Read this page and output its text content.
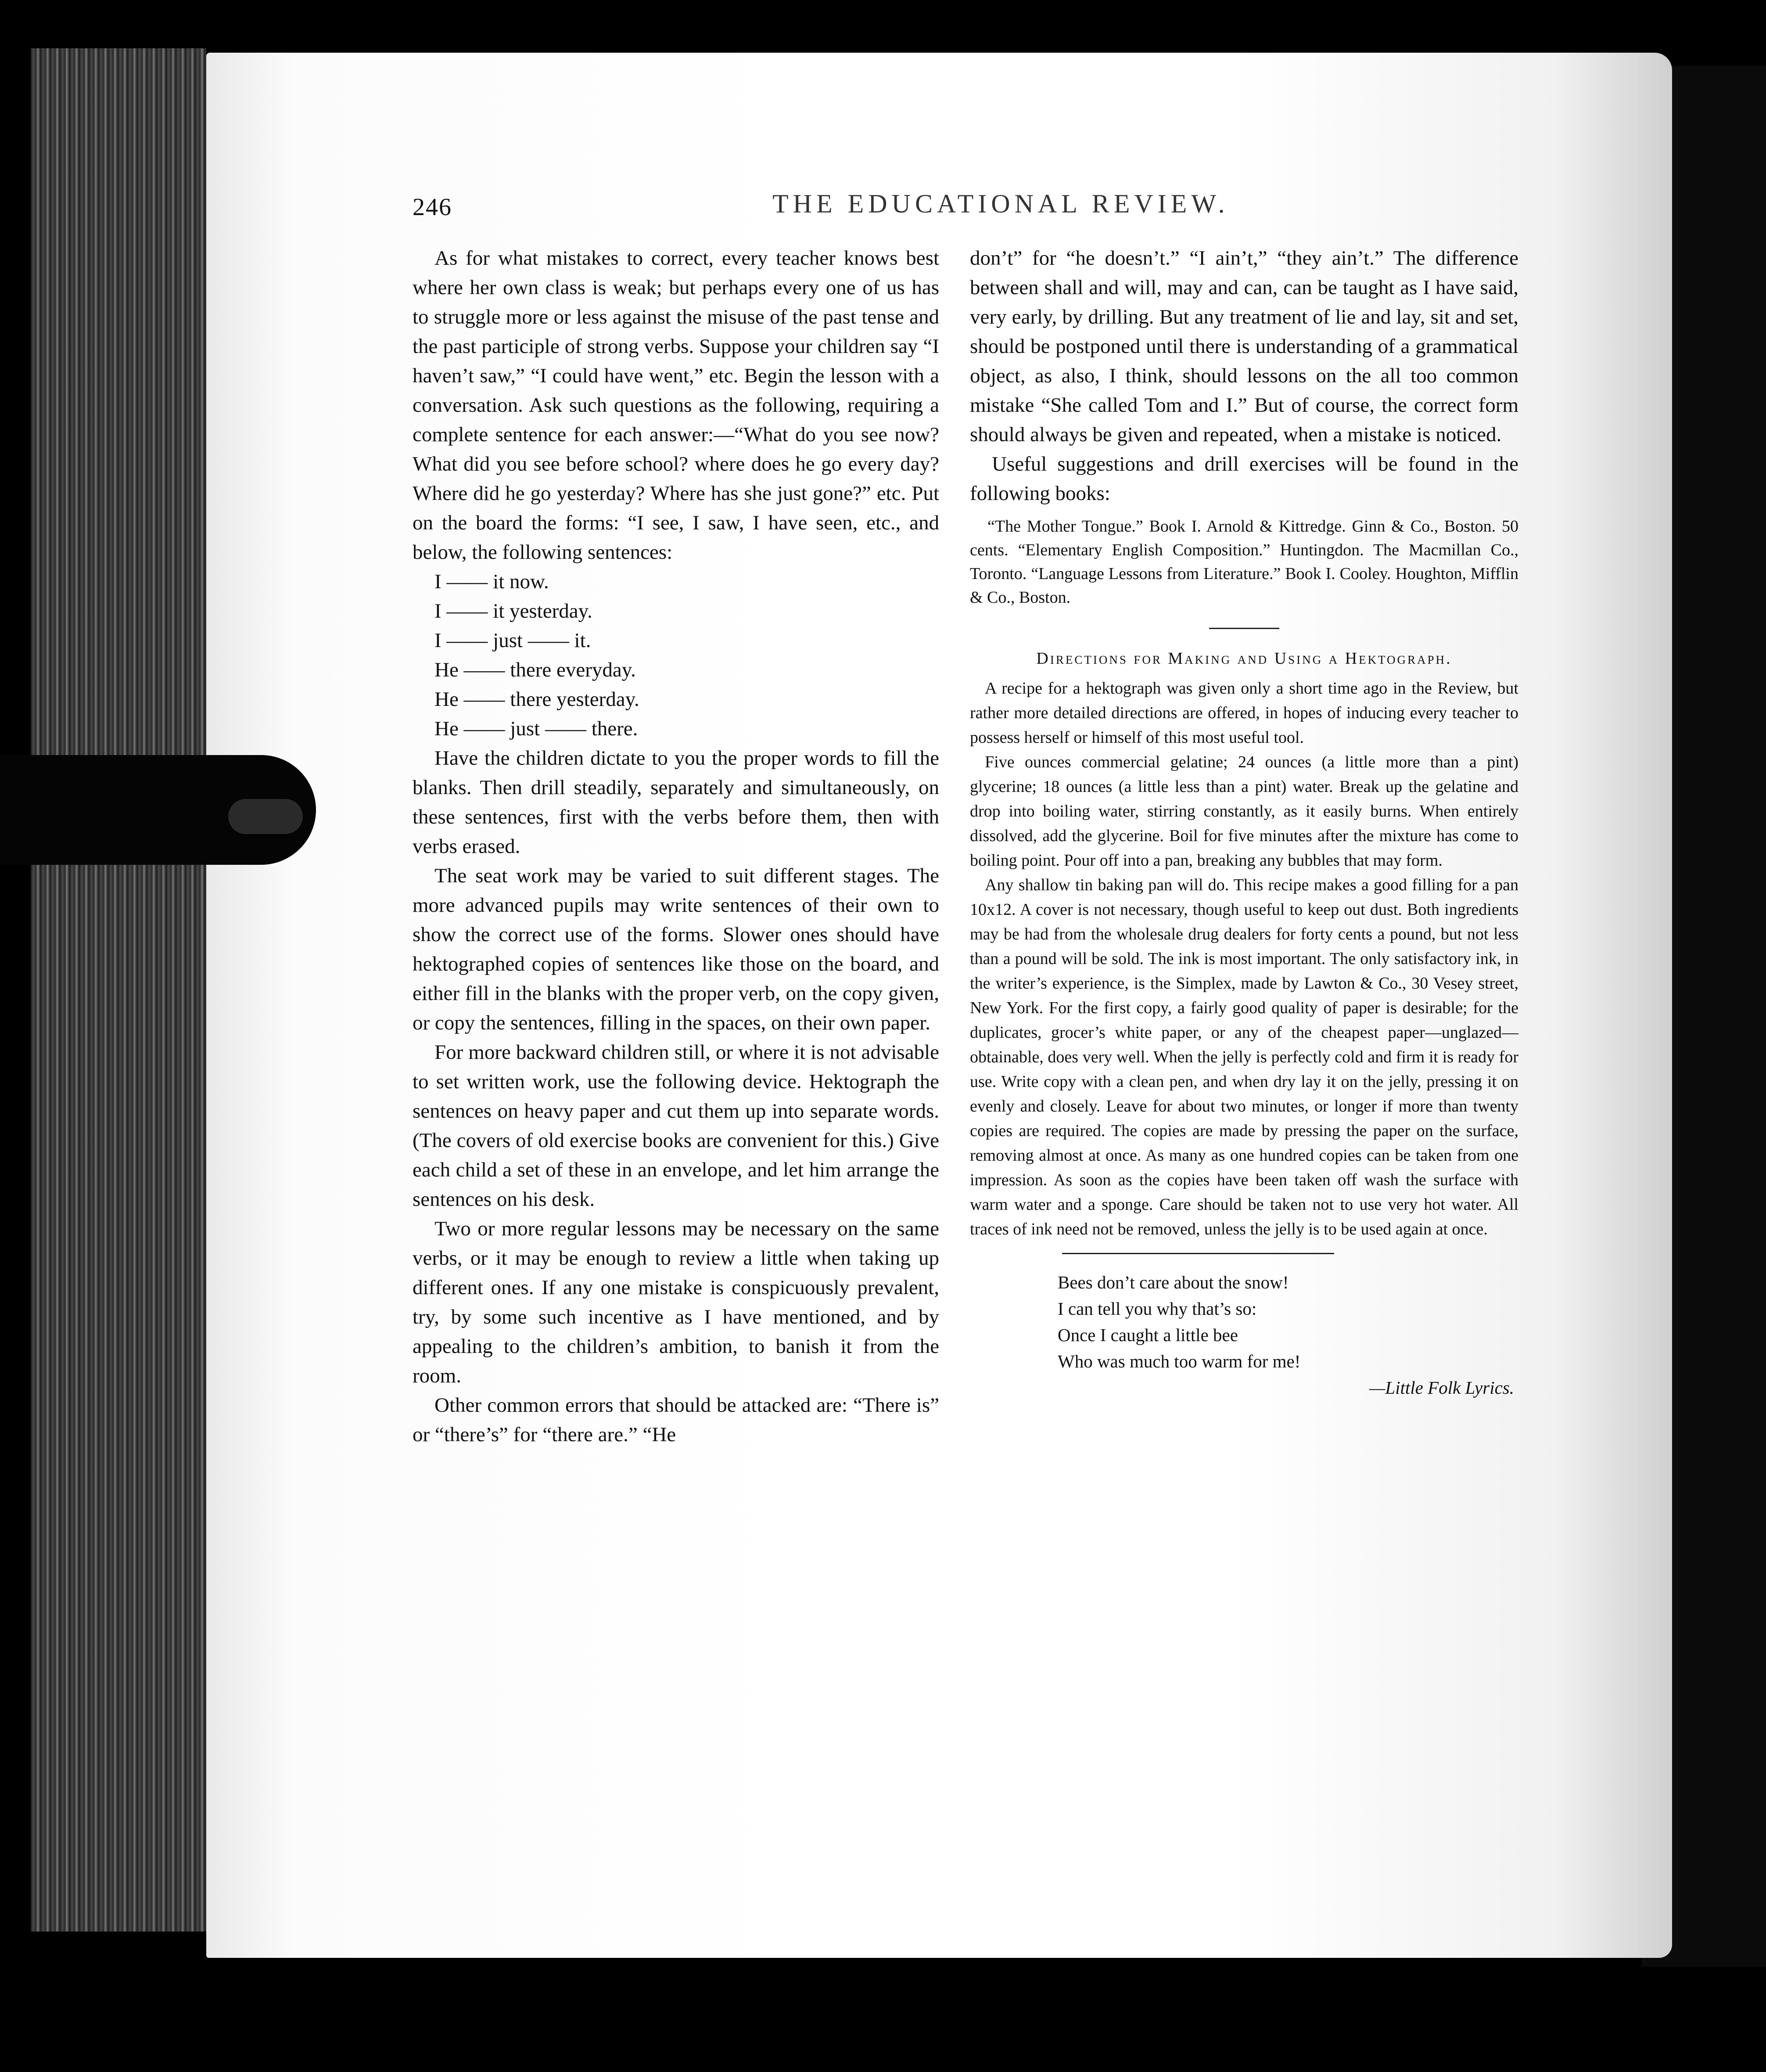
246	THE EDUCATIONAL REVIEW.

As for what mistakes to correct, every teacher knows best where her own class is weak; but perhaps every one of us has to struggle more or less against the misuse of the past tense and the past participle of strong verbs. Suppose your children say “I haven’t saw,” “I could have went,” etc. Begin the lesson with a conversation. Ask such questions as the following, requiring a complete sentence for each answer:—“What do you see now? What did you see before school? where does he go every day? Where did he go yesterday? Where has she just gone?” etc. Put on the board the forms: “I see, I saw, I have seen, etc., and below, the following sentences:

I —— it now.
I —— it yesterday.
I —— just —— it.
He —— there everyday.
He —— there yesterday.
He —— just —— there.

Have the children dictate to you the proper words to fill the blanks. Then drill steadily, separately and simultaneously, on these sentences, first with the verbs before them, then with verbs erased.

The seat work may be varied to suit different stages. The more advanced pupils may write sentences of their own to show the correct use of the forms. Slower ones should have hektographed copies of sentences like those on the board, and either fill in the blanks with the proper verb, on the copy given, or copy the sentences, filling in the spaces, on their own paper.

For more backward children still, or where it is not advisable to set written work, use the following device. Hektograph the sentences on heavy paper and cut them up into separate words. (The covers of old exercise books are convenient for this.) Give each child a set of these in an envelope, and let him arrange the sentences on his desk.

Two or more regular lessons may be necessary on the same verbs, or it may be enough to review a little when taking up different ones. If any one mistake is conspicuously prevalent, try, by some such incentive as I have mentioned, and by appealing to the children’s ambition, to banish it from the room.

Other common errors that should be attacked are: “There is” or “there’s” for “there are.” “He

don’t” for “he doesn’t.” “I ain’t,” “they ain’t.” The difference between shall and will, may and can, can be taught as I have said, very early, by drilling. But any treatment of lie and lay, sit and set, should be postponed until there is understanding of a grammatical object, as also, I think, should lessons on the all too common mistake “She called Tom and I.” But of course, the correct form should always be given and repeated, when a mistake is noticed.

Useful suggestions and drill exercises will be found in the following books:

“The Mother Tongue.” Book I. Arnold & Kittredge. Ginn & Co., Boston. 50 cents. “Elementary English Composition.” Huntingdon. The Macmillan Co., Toronto. “Language Lessons from Literature.” Book I. Cooley. Houghton, Mifflin & Co., Boston.

Directions for Making and Using a Hektograph.

A recipe for a hektograph was given only a short time ago in the Review, but rather more detailed directions are offered, in hopes of inducing every teacher to possess herself or himself of this most useful tool.

Five ounces commercial gelatine; 24 ounces (a little more than a pint) glycerine; 18 ounces (a little less than a pint) water. Break up the gelatine and drop into boiling water, stirring constantly, as it easily burns. When entirely dissolved, add the glycerine. Boil for five minutes after the mixture has come to boiling point. Pour off into a pan, breaking any bubbles that may form.

Any shallow tin baking pan will do. This recipe makes a good filling for a pan 10x12. A cover is not necessary, though useful to keep out dust. Both ingredients may be had from the wholesale drug dealers for forty cents a pound, but not less than a pound will be sold. The ink is most important. The only satisfactory ink, in the writer’s experience, is the Simplex, made by Lawton & Co., 30 Vesey street, New York. For the first copy, a fairly good quality of paper is desirable; for the duplicates, grocer’s white paper, or any of the cheapest paper—unglazed—obtainable, does very well. When the jelly is perfectly cold and firm it is ready for use. Write copy with a clean pen, and when dry lay it on the jelly, pressing it on evenly and closely. Leave for about two minutes, or longer if more than twenty copies are required. The copies are made by pressing the paper on the surface, removing almost at once. As many as one hundred copies can be taken from one impression. As soon as the copies have been taken off wash the surface with warm water and a sponge. Care should be taken not to use very hot water. All traces of ink need not be removed, unless the jelly is to be used again at once.

Bees don’t care about the snow!
I can tell you why that’s so:
Once I caught a little bee
Who was much too warm for me!
—Little Folk Lyrics.
